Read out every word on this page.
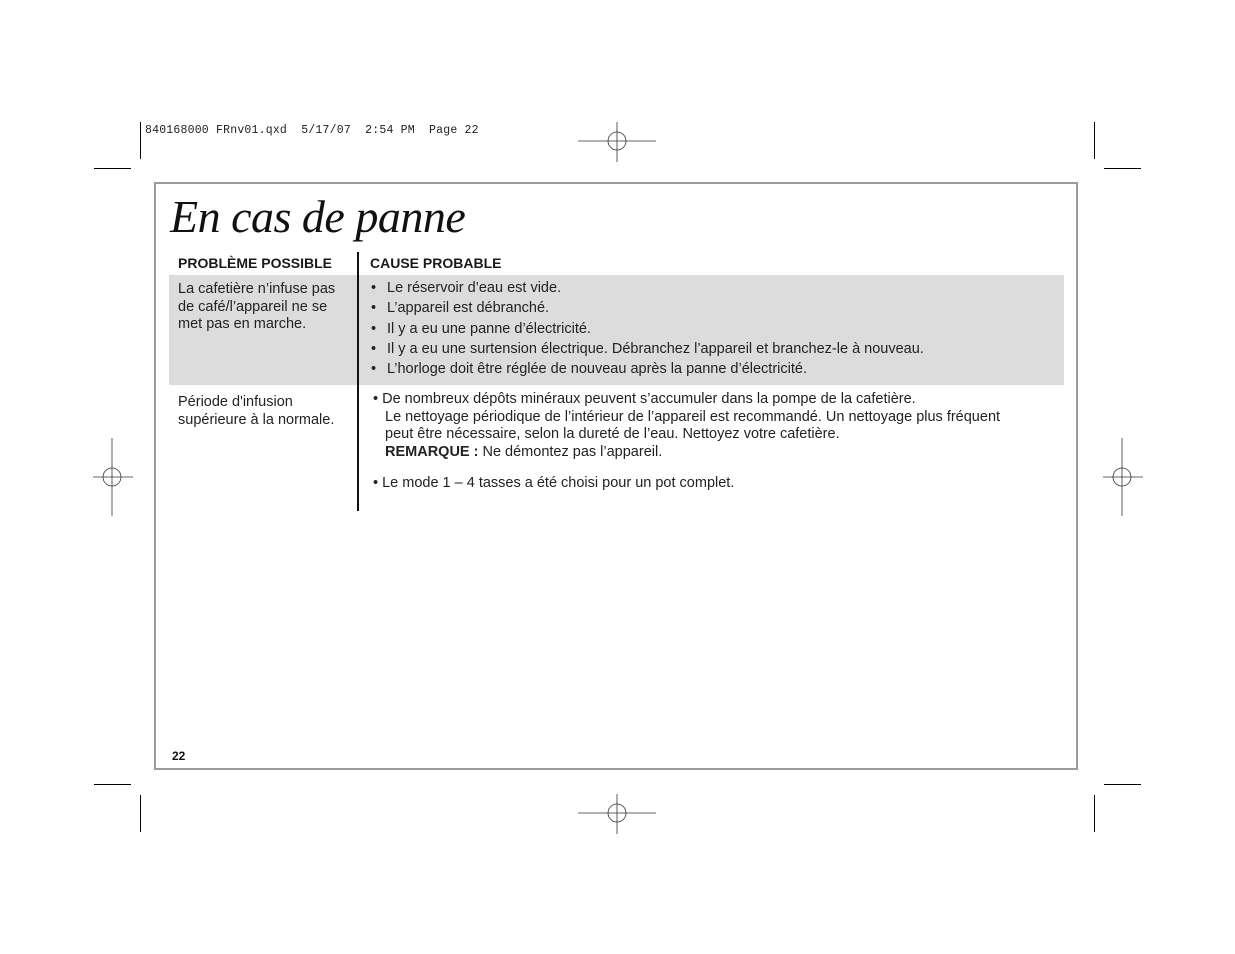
840168000 FRnv01.qxd  5/17/07  2:54 PM  Page 22
En cas de panne
PROBLÈME POSSIBLE	CAUSE PROBABLE
La cafetière n’infuse pas de café/l’appareil ne se met pas en marche.
• Le réservoir d’eau est vide.
• L’appareil est débranché.
• Il y a eu une panne d’électricité.
• Il y a eu une surtension électrique. Débranchez l’appareil et branchez-le à nouveau.
• L’horloge doit être réglée de nouveau après la panne d’électricité.
Période d'infusion supérieure à la normale.
• De nombreux dépôts minéraux peuvent s’accumuler dans la pompe de la cafetière.
Le nettoyage périodique de l’intérieur de l’appareil est recommandé. Un nettoyage plus fréquent
peut être nécessaire, selon la dureté de l’eau. Nettoyez votre cafetière.
REMARQUE : Ne démontez pas l’appareil.
• Le mode 1 – 4 tasses a été choisi pour un pot complet.
22
